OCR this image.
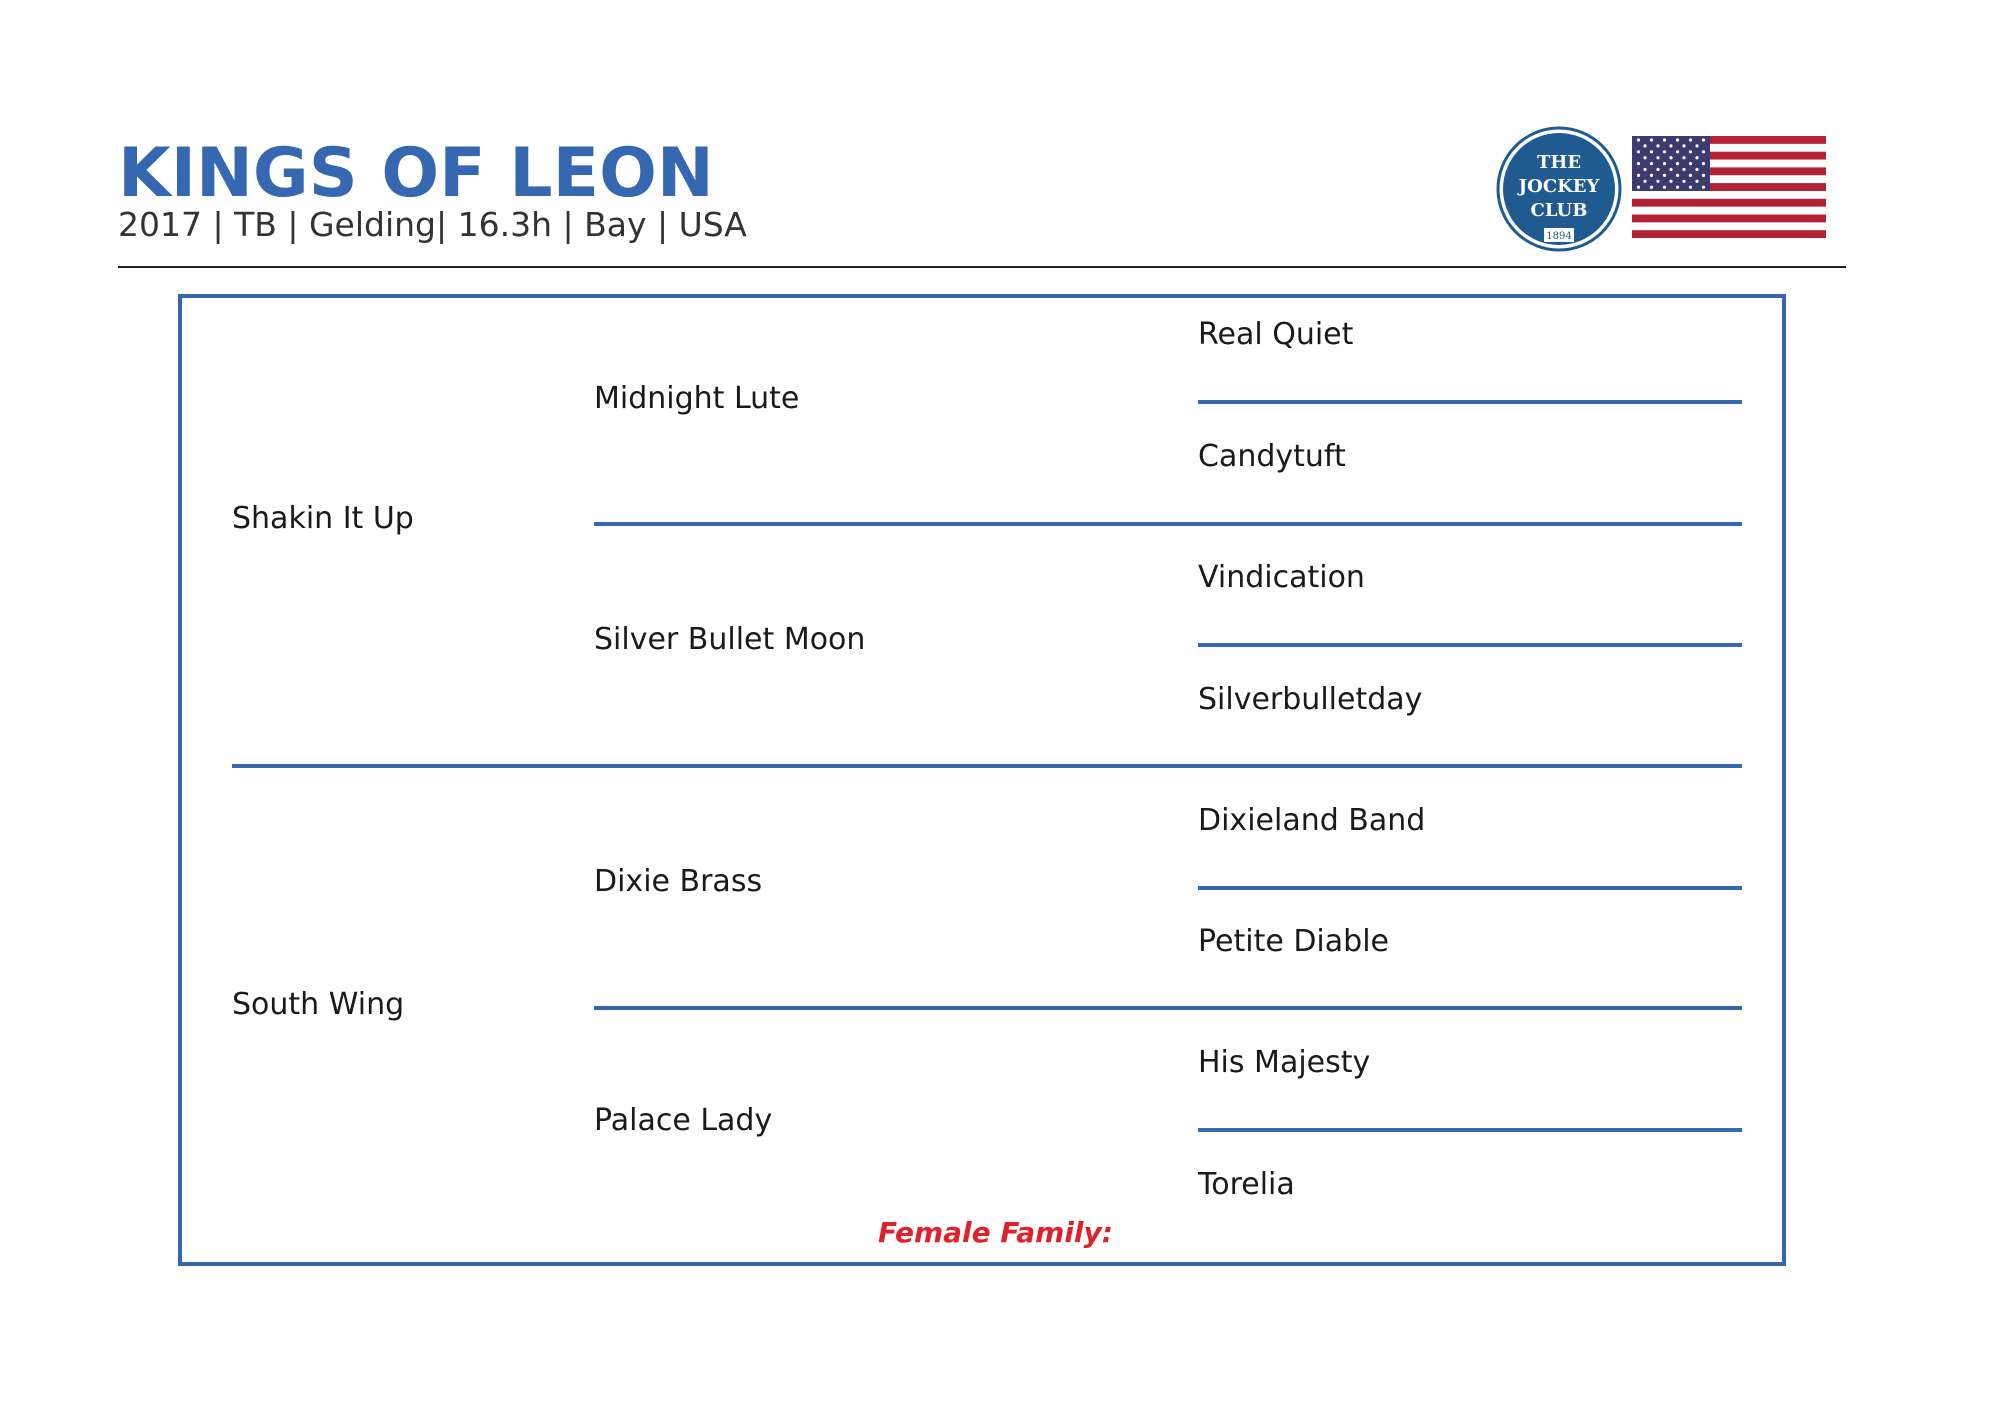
KINGS OF LEON
2017 | TB | Gelding| 16.3h | Bay | USA
THE
JOCKEY
CLUB
1894
Shakin It Up
South Wing
Midnight Lute
Silver Bullet Moon
Dixie Brass
Palace Lady
Real Quiet
Candytuft
Vindication
Silverbulletday
Dixieland Band
Petite Diable
His Majesty
Torelia
Female Family:
